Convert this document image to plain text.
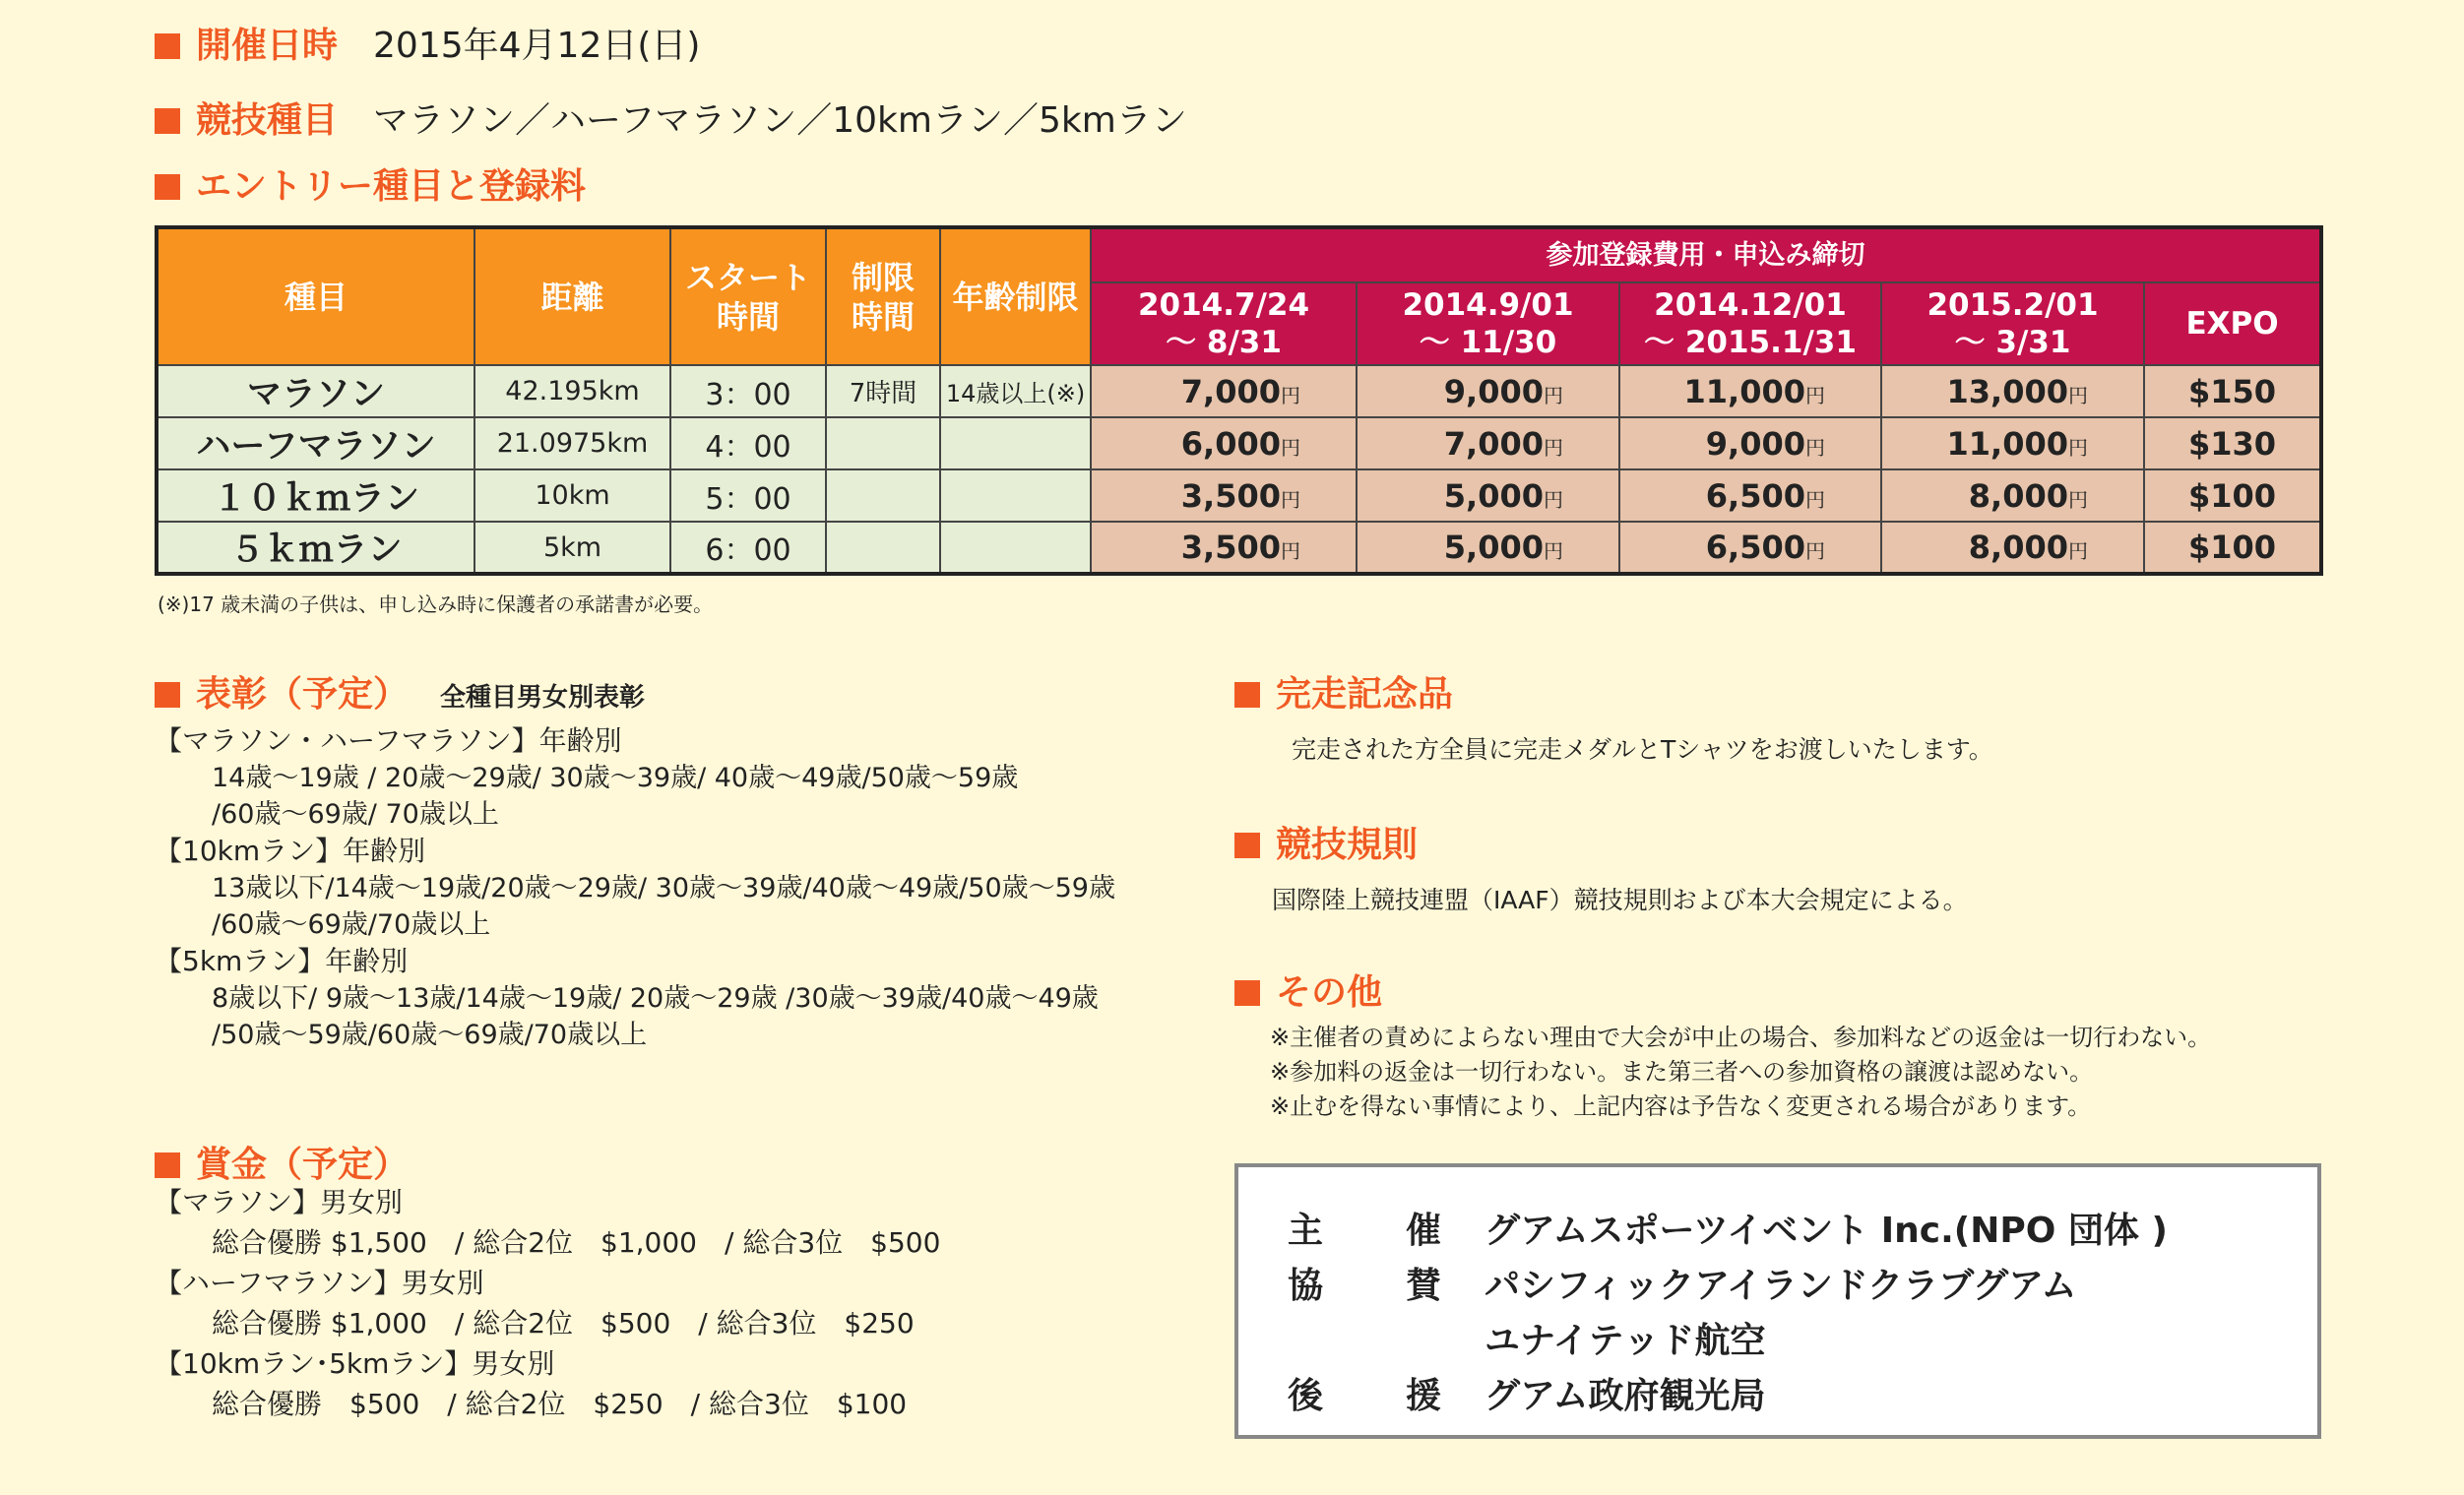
開催日時 2015年4月12日(日)
競技種目 マラソン／ハーフマラソン／10kmラン／5kmラン
エントリー種目と登録料
種目	距離	スタート時間	制限時間	年齢制限	参加登録費用・申込み締切				
					2014.7/24 ～ 8/31	2014.9/01 ～ 11/30	2014.12/01 ～ 2015.1/31	2015.2/01 ～ 3/31	EXPO
マラソン	42.195km	3：00	7時間	14歳以上(※)	7,000円	9,000円	11,000円	13,000円	$150
ハーフマラソン	21.0975km	4：00			6,000円	7,000円	9,000円	11,000円	$130
１０ｋｍラン	10km	5：00			3,500円	5,000円	6,500円	8,000円	$100
５ｋｍラン	5km	6：00			3,500円	5,000円	6,500円	8,000円	$100
(※)17 歳未満の子供は、申し込み時に保護者の承諾書が必要。
表彰（予定） 全種目男女別表彰
【マラソン・ハーフマラソン】年齢別
14歳～19歳 / 20歳～29歳/ 30歳～39歳/ 40歳～49歳/50歳～59歳
/60歳～69歳/ 70歳以上
【10kmラン】年齢別
13歳以下/14歳～19歳/20歳～29歳/ 30歳～39歳/40歳～49歳/50歳～59歳
/60歳～69歳/70歳以上
【5kmラン】年齢別
8歳以下/ 9歳～13歳/14歳～19歳/ 20歳～29歳 /30歳～39歳/40歳～49歳
/50歳～59歳/60歳～69歳/70歳以上
賞金（予定）
【マラソン】男女別
総合優勝 $1,500　/ 総合2位　$1,000　/ 総合3位　$500
【ハーフマラソン】男女別
総合優勝 $1,000　/ 総合2位　$500　/ 総合3位　$250
【10kmラン･5kmラン】男女別
総合優勝　$500　/ 総合2位　$250　/ 総合3位　$100
完走記念品
完走された方全員に完走メダルとTシャツをお渡しいたします。
競技規則
国際陸上競技連盟（IAAF）競技規則および本大会規定による。
その他
※主催者の責めによらない理由で大会が中止の場合、参加料などの返金は一切行わない。
※参加料の返金は一切行わない。また第三者への参加資格の譲渡は認めない。
※止むを得ない事情により、上記内容は予告なく変更される場合があります。
主 催 グアムスポーツイベント Inc.(NPO 団体 )
協 賛 パシフィックアイランドクラブグアム
ユナイテッド航空
後 援 グアム政府観光局
